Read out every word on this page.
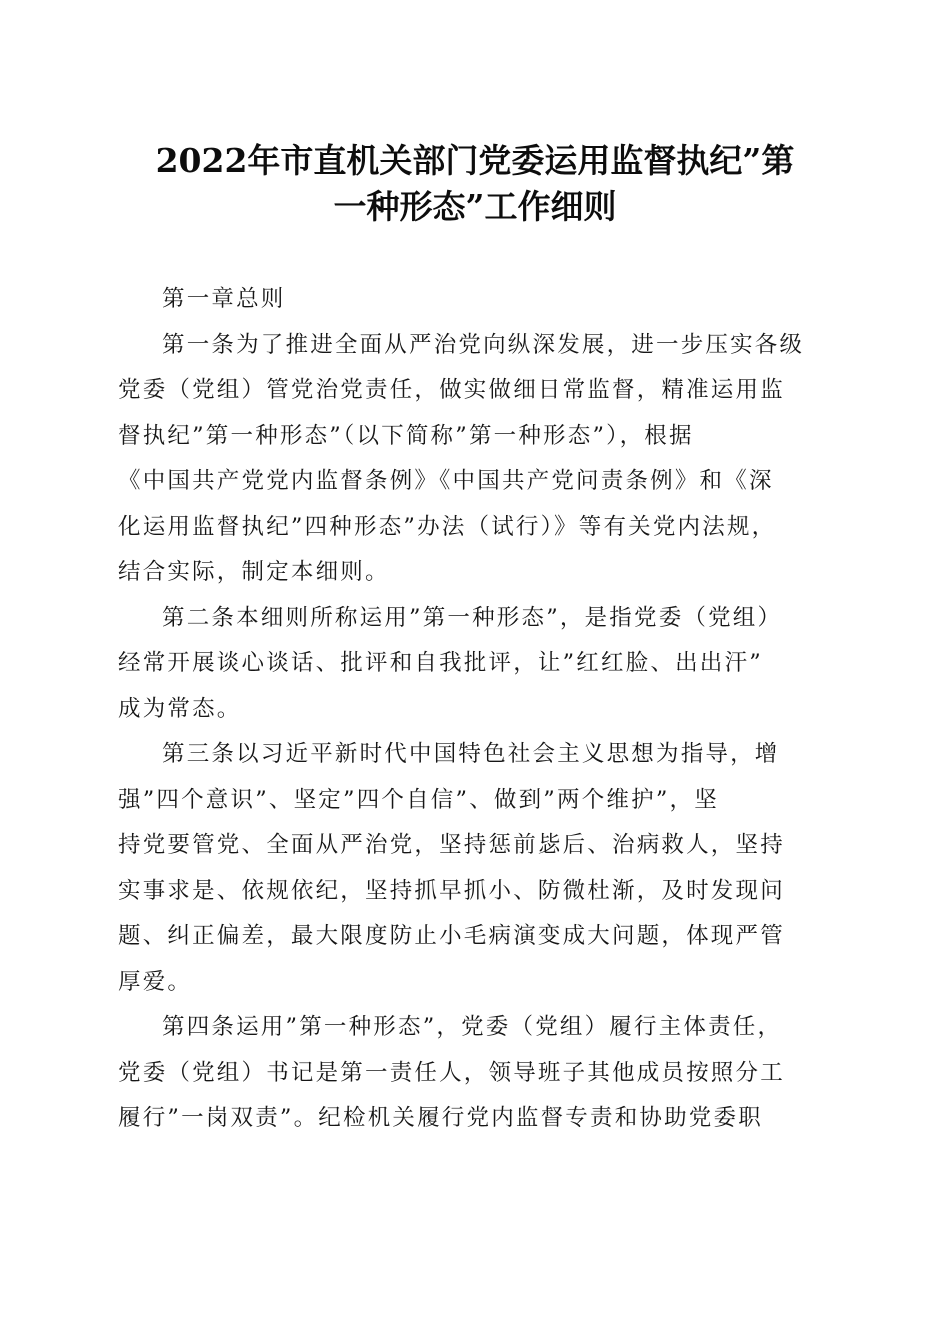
2022年市直机关部门党委运用监督执纪”第
一种形态”工作细则
第一章总则
第一条为了推进全面从严治党向纵深发展，进一步压实各级
党委（党组）管党治党责任，做实做细日常监督，精准运用监
督执纪”第一种形态”（以下简称”第一种形态”），根据
《中国共产党党内监督条例》《中国共产党问责条例》和《深
化运用监督执纪”四种形态”办法（试行）》等有关党内法规，
结合实际，制定本细则。
第二条本细则所称运用”第一种形态”，是指党委（党组）
经常开展谈心谈话、批评和自我批评，让”红红脸、出出汗”
成为常态。
第三条以习近平新时代中国特色社会主义思想为指导，增
强”四个意识”、坚定”四个自信”、做到”两个维护”，坚
持党要管党、全面从严治党，坚持惩前毖后、治病救人，坚持
实事求是、依规依纪，坚持抓早抓小、防微杜渐，及时发现问
题、纠正偏差，最大限度防止小毛病演变成大问题，体现严管
厚爱。
第四条运用”第一种形态”，党委（党组）履行主体责任，
党委（党组）书记是第一责任人，领导班子其他成员按照分工
履行”一岗双责”。纪检机关履行党内监督专责和协助党委职
